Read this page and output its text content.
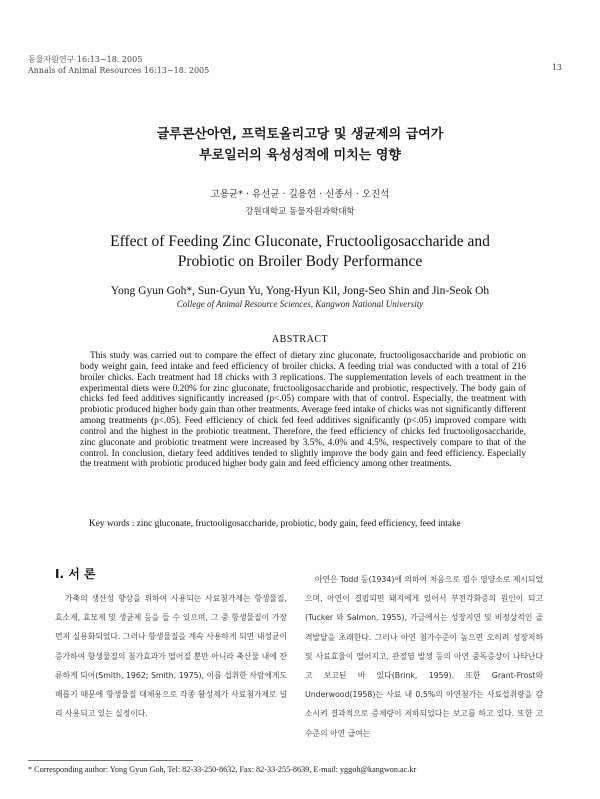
동물자원연구 16:13~18. 2005
Annals of Animal Resources 16:13~18. 2005	13
글루콘산아연, 프럭토올리고당 및 생균제의 급여가
부로일러의 육성성적에 미치는 영향
고용균* · 유선균 · 길용현 · 신종서 · 오진석
강원대학교 동물자원과학대학
Effect of Feeding Zinc Gluconate, Fructooligosaccharide and
Probiotic on Broiler Body Performance
Yong Gyun Goh*, Sun-Gyun Yu, Yong-Hyun Kil, Jong-Seo Shin and Jin-Seok Oh
College of Animal Resource Sciences, Kangwon National University
ABSTRACT
This study was carried out to compare the effect of dietary zinc gluconate, fructooligosaccharide and probiotic on body weight gain, feed intake and feed efficiency of broiler chicks. A feeding trial was conducted with a total of 216 broiler chicks. Each treatment had 18 chicks with 3 replications. The supplementation levels of each treatment in the experimental diets were 0.20% for zinc gluconate, fructooligosaccharide and probiotic, respectively. The body gain of chicks fed feed additives significantly increased (p<.05) compare with that of control. Especially, the treatment with probiotic produced higher body gain than other treatments. Average feed intake of chicks was not significantly different among treatments (p<.05). Feed efficiency of chick fed feed additives significantly (p<.05) improved compare with control and the highest in the probiotic treatment. Therefore, the feed efficiency of chicks fed fructooligosaccharide, zinc gluconate and probiotic treatment were increased by 3.5%, 4.0% and 4.5%, respectively compare to that of the control. In conclusion, dietary feed additives tended to slightly improve the body gain and feed efficiency. Especially the treatment with probiotic produced higher body gain and feed efficiency among other treatments.
Key words : zinc gluconate, fructooligosaccharide, probiotic, body gain, feed efficiency, feed intake
Ⅰ. 서 론
가축의 생산성 향상을 위하여 사용되는 사료첨가제는 항생물질, 효소제, 효모제 및 생균제 등을 들 수 있으며, 그 중 항생물질이 가장 먼저 실용화되었다. 그러나 항생물질을 계속 사용하게 되면 내성균이 증가하여 항생물질의 첨가효과가 떨어질 뿐만 아니라 축산물 내에 잔류하게 되어(Smith, 1962; Smith, 1975), 이를 섭취한 사람에게도 해롭기 때문에 항생물질 대체용으로 각종 활성제가 사료첨가제로 널리 사용되고 있는 실정이다.
아연은 Todd 등(1934)에 의하여 처음으로 필수 영양소로 제시되었으며, 아연이 결핍되면 돼지에게 있어서 부전각화증의 원인이 되고(Tucker 와 Salmon, 1955), 가금에서는 성장지연 및 비정상적인 골격발달을 초래한다. 그러나 아연 첨가수준이 높으면 오히려 성장저하 및 사료효율이 떨어지고, 관절염 발생 등의 아연 중독증상이 나타난다고 보고된 바 있다(Brink, 1959). 또한 Grant-Frost와 Underwood(1958)는 사료 내 0.5%의 아연첨가는 사료섭취량을 감소시켜 결과적으로 증체량이 저하되었다는 보고를 하고 있다. 또한 고수준의 아연 급여는
* Corresponding author: Yong Gyun Goh, Tel: 82-33-250-8632, Fax: 82-33-255-8639, E-mail: yggoh@kangwon.ac.kr
